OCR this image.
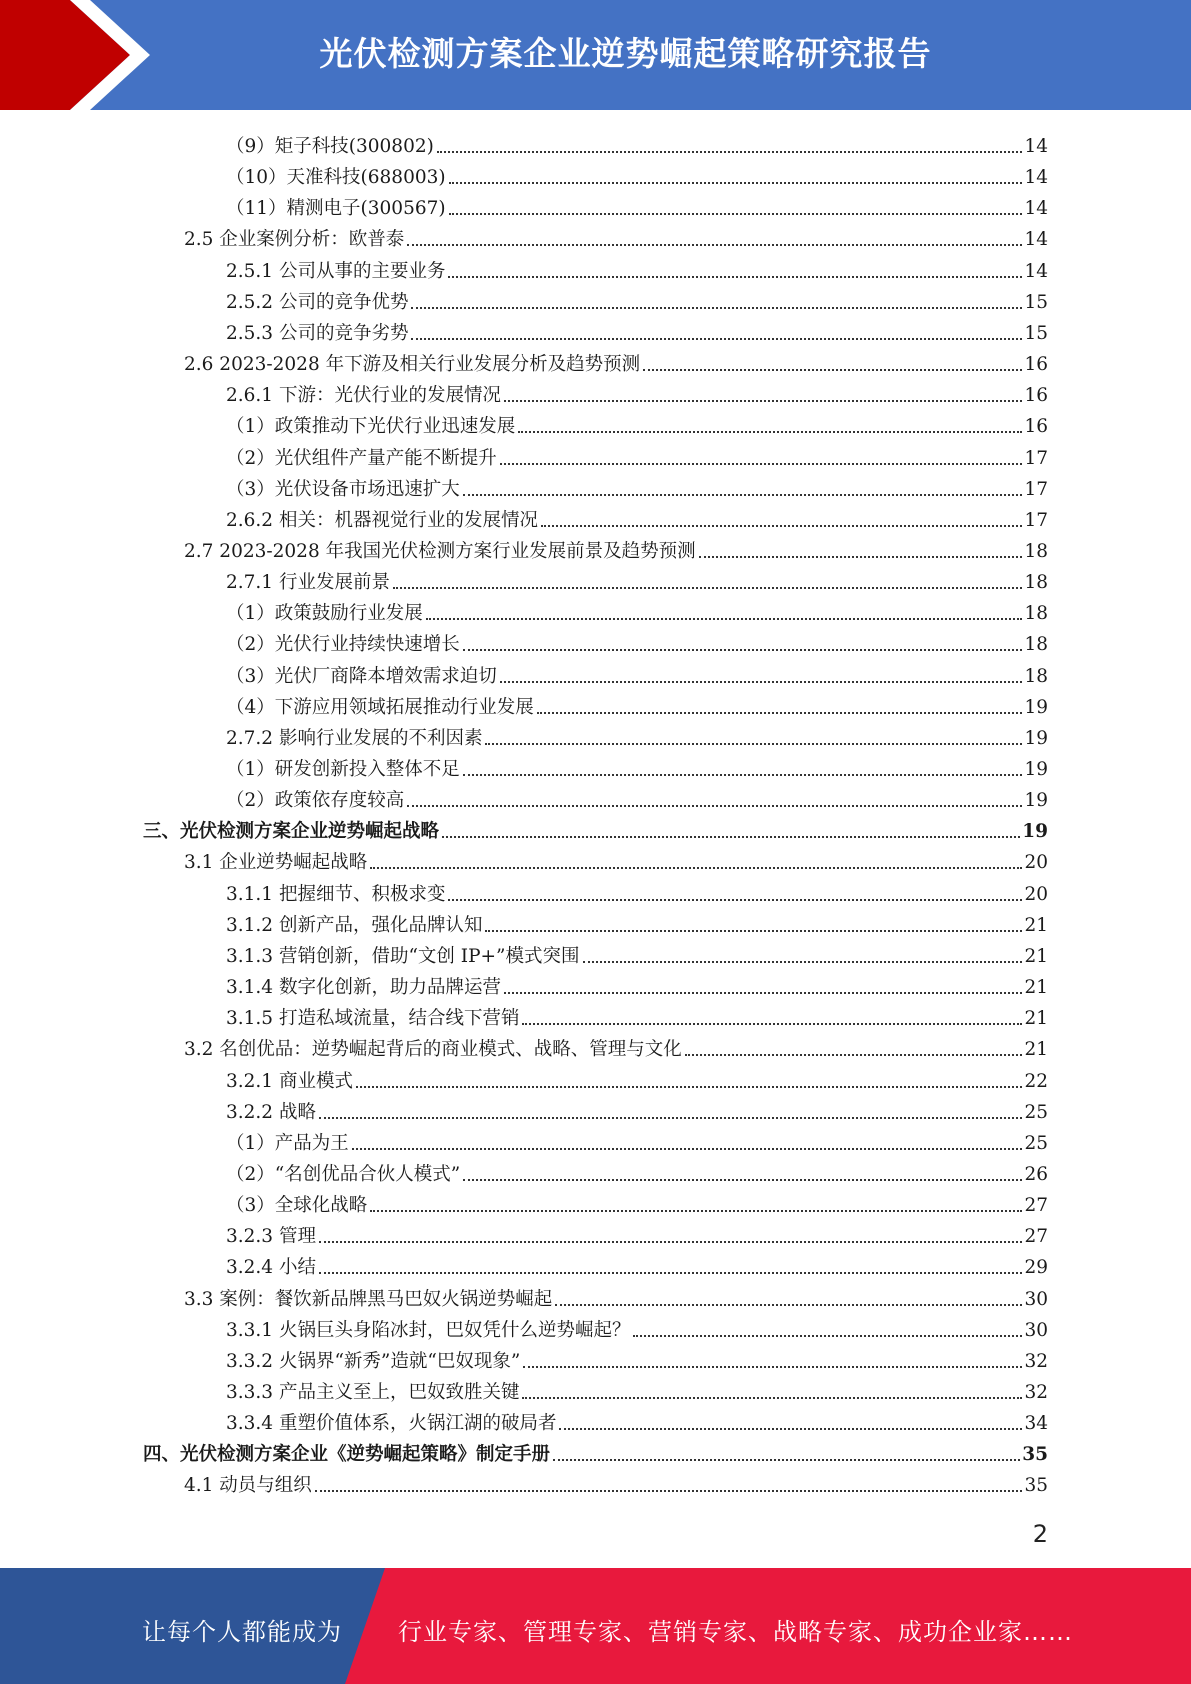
光伏检测方案企业逆势崛起策略研究报告
（9）矩子科技(300802)	14
（10）天准科技(688003)	14
（11）精测电子(300567)	14
2.5 企业案例分析：欧普泰	14
2.5.1 公司从事的主要业务	14
2.5.2 公司的竞争优势	15
2.5.3 公司的竞争劣势	15
2.6 2023-2028 年下游及相关行业发展分析及趋势预测	16
2.6.1 下游：光伏行业的发展情况	16
（1）政策推动下光伏行业迅速发展	16
（2）光伏组件产量产能不断提升	17
（3）光伏设备市场迅速扩大	17
2.6.2 相关：机器视觉行业的发展情况	17
2.7 2023-2028 年我国光伏检测方案行业发展前景及趋势预测	18
2.7.1 行业发展前景	18
（1）政策鼓励行业发展	18
（2）光伏行业持续快速增长	18
（3）光伏厂商降本增效需求迫切	18
（4）下游应用领域拓展推动行业发展	19
2.7.2 影响行业发展的不利因素	19
（1）研发创新投入整体不足	19
（2）政策依存度较高	19
三、光伏检测方案企业逆势崛起战略	19
3.1 企业逆势崛起战略	20
3.1.1 把握细节、积极求变	20
3.1.2 创新产品，强化品牌认知	21
3.1.3 营销创新，借助“文创 IP+”模式突围	21
3.1.4 数字化创新，助力品牌运营	21
3.1.5 打造私域流量，结合线下营销	21
3.2 名创优品：逆势崛起背后的商业模式、战略、管理与文化	21
3.2.1 商业模式	22
3.2.2 战略	25
（1）产品为王	25
（2）“名创优品合伙人模式”	26
（3）全球化战略	27
3.2.3 管理	27
3.2.4 小结	29
3.3 案例：餐饮新品牌黑马巴奴火锅逆势崛起	30
3.3.1 火锅巨头身陷冰封，巴奴凭什么逆势崛起？	30
3.3.2 火锅界“新秀”造就“巴奴现象”	32
3.3.3 产品主义至上，巴奴致胜关键	32
3.3.4 重塑价值体系，火锅江湖的破局者	34
四、光伏检测方案企业《逆势崛起策略》制定手册	35
4.1 动员与组织	35
2
让每个人都能成为 行业专家、管理专家、营销专家、战略专家、成功企业家……
